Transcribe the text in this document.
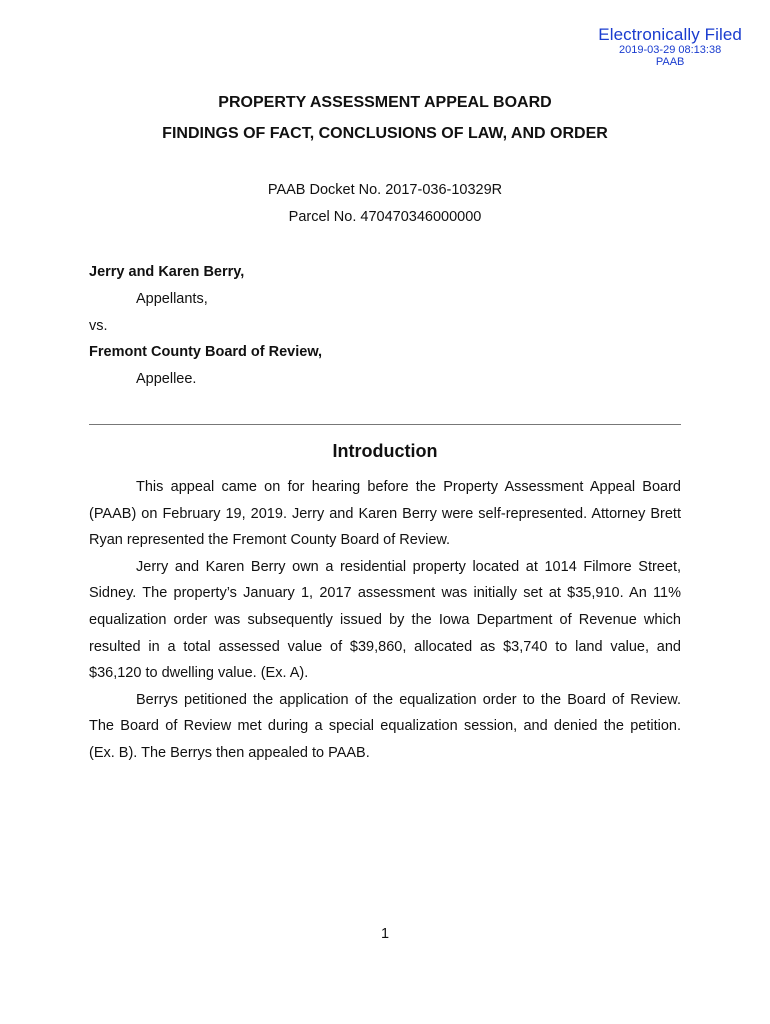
Electronically Filed
2019-03-29 08:13:38
PAAB
PROPERTY ASSESSMENT APPEAL BOARD
FINDINGS OF FACT, CONCLUSIONS OF LAW, AND ORDER
PAAB Docket No. 2017-036-10329R
Parcel No. 470470346000000
Jerry and Karen Berry,
Appellants,
vs.
Fremont County Board of Review,
Appellee.
Introduction

This appeal came on for hearing before the Property Assessment Appeal Board (PAAB) on February 19, 2019. Jerry and Karen Berry were self-represented. Attorney Brett Ryan represented the Fremont County Board of Review.

Jerry and Karen Berry own a residential property located at 1014 Filmore Street, Sidney. The property’s January 1, 2017 assessment was initially set at $35,910. An 11% equalization order was subsequently issued by the Iowa Department of Revenue which resulted in a total assessed value of $39,860, allocated as $3,740 to land value, and $36,120 to dwelling value. (Ex. A).

Berrys petitioned the application of the equalization order to the Board of Review. The Board of Review met during a special equalization session, and denied the petition. (Ex. B). The Berrys then appealed to PAAB.

1
